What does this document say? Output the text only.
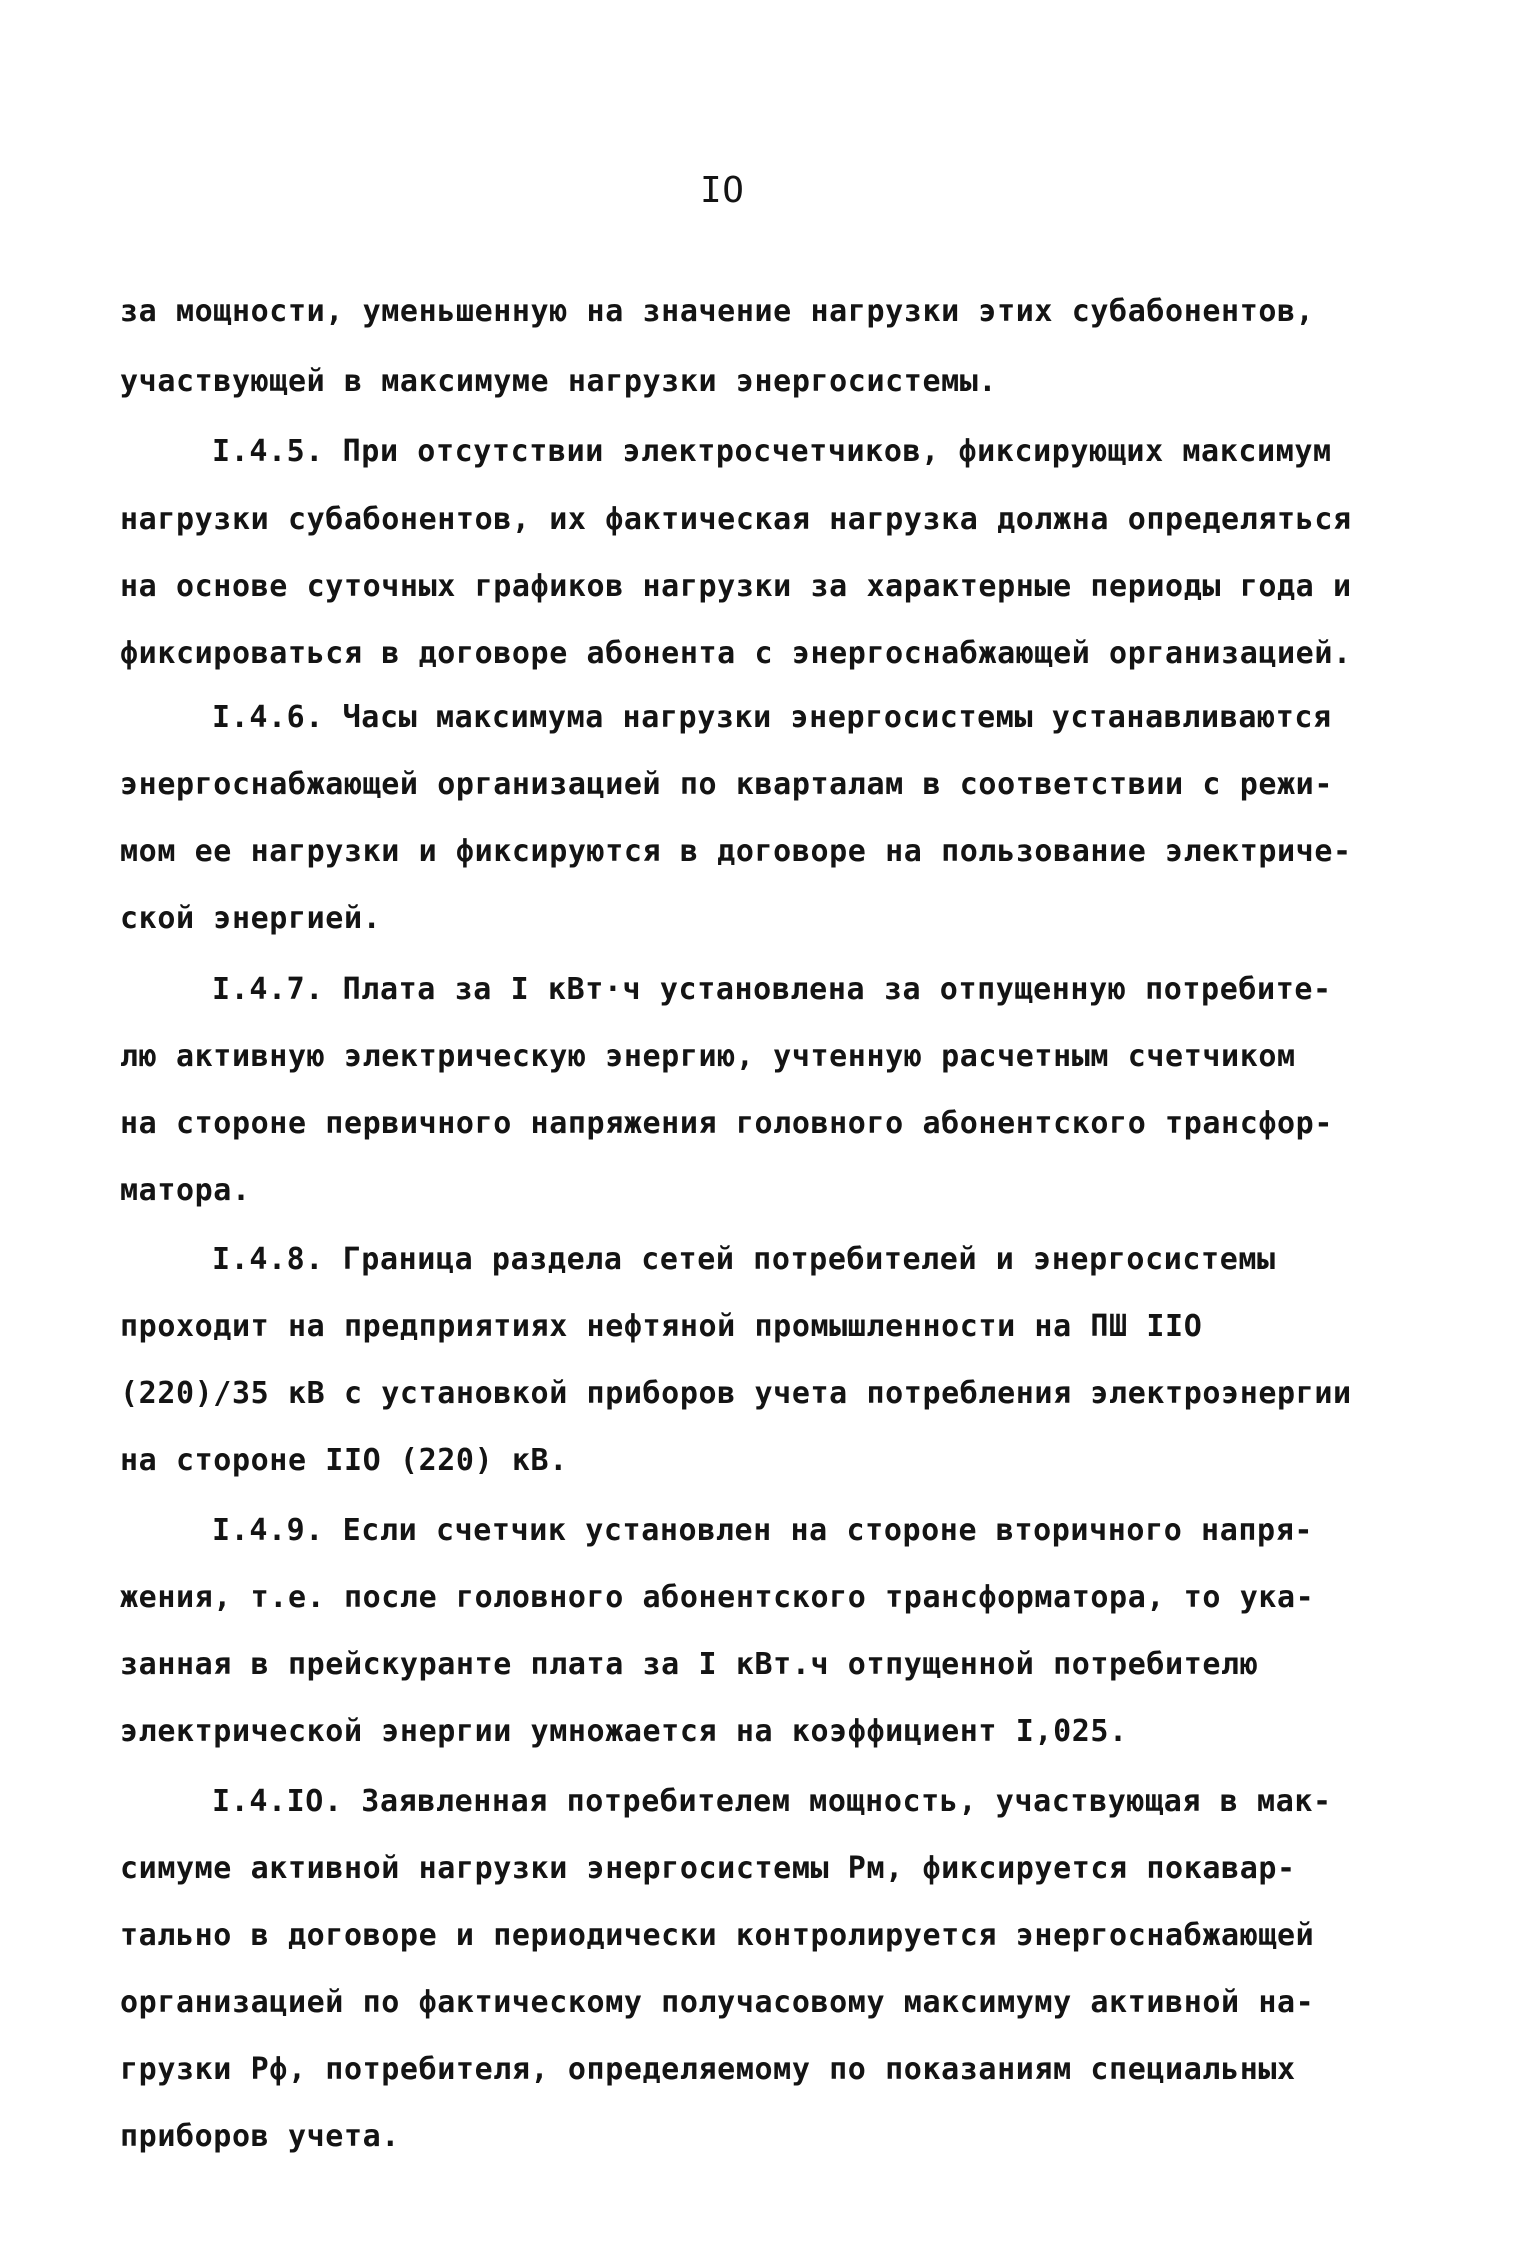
IO
за мощности, уменьшенную на значение нагрузки этих субабонентов,
участвующей в максимуме нагрузки энергосистемы.
I.4.5. При отсутствии электросчетчиков, фиксирующих максимум
нагрузки субабонентов, их фактическая нагрузка должна определяться
на основе суточных графиков нагрузки за характерные периоды года и
фиксироваться в договоре абонента с энергоснабжающей организацией.
I.4.6. Часы максимума нагрузки энергосистемы устанавливаются
энергоснабжающей организацией по кварталам в соответствии с режи-
мом ее нагрузки и фиксируются в договоре на пользование электриче-
ской энергией.
I.4.7. Плата за I кВт·ч установлена за отпущенную потребите-
лю активную электрическую энергию, учтенную расчетным счетчиком
на стороне первичного напряжения головного абонентского трансфор-
матора.
I.4.8. Граница раздела сетей потребителей и энергосистемы
проходит на предприятиях нефтяной промышленности на ПШ IIO
(220)/35 кВ с установкой приборов учета потребления электроэнергии
на стороне IIO (220) кВ.
I.4.9. Если счетчик установлен на стороне вторичного напря-
жения, т.е. после головного абонентского трансформатора, то ука-
занная в прейскуранте плата за I кВт.ч отпущенной потребителю
электрической энергии умножается на коэффициент I,025.
I.4.IO. Заявленная потребителем мощность, участвующая в мак-
симуме активной нагрузки энергосистемы Pм, фиксируется покавар-
тально в договоре и периодически контролируется энергоснабжающей
организацией по фактическому получасовому максимуму активной на-
грузки Pф, потребителя, определяемому по показаниям специальных
приборов учета.
